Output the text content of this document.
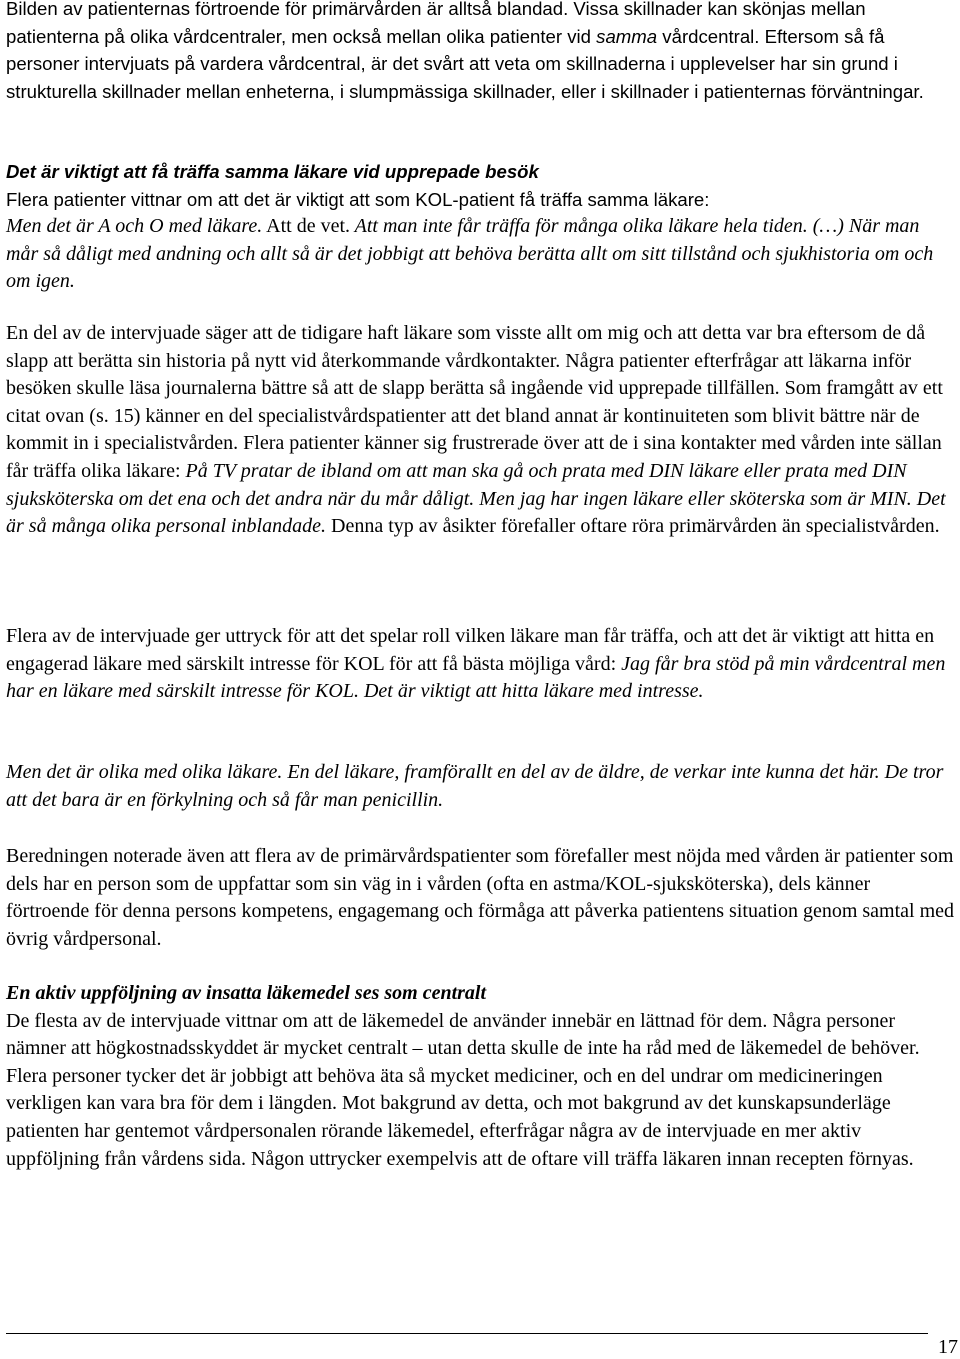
Bilden av patienternas förtroende för primärvården är alltså blandad. Vissa skillnader kan skönjas mellan patienterna på olika vårdcentraler, men också mellan olika patienter vid samma vårdcentral. Eftersom så få personer intervjuats på vardera vårdcentral, är det svårt att veta om skillnaderna i upplevelser har sin grund i strukturella skillnader mellan enheterna, i slumpmässiga skillnader, eller i skillnader i patienternas förväntningar.

Det är viktigt att få träffa samma läkare vid upprepade besök

Flera patienter vittnar om att det är viktigt att som KOL-patient få träffa samma läkare:

Men det är A och O med läkare. Att de vet. Att man inte får träffa för många olika läkare hela tiden. (…) När man mår så dåligt med andning och allt så är det jobbigt att behöva berätta allt om sitt tillstånd och sjukhistoria om och om igen.

En del av de intervjuade säger att de tidigare haft läkare som visste allt om mig och att detta var bra eftersom de då slapp att berätta sin historia på nytt vid återkommande vårdkontakter. Några patienter efterfrågar att läkarna inför besöken skulle läsa journalerna bättre så att de slapp berätta så ingående vid upprepade tillfällen. Som framgått av ett citat ovan (s. 15) känner en del specialistvårdspatienter att det bland annat är kontinuiteten som blivit bättre när de kommit in i specialistvården. Flera patienter känner sig frustrerade över att de i sina kontakter med vården inte sällan får träffa olika läkare: På TV pratar de ibland om att man ska gå och prata med DIN läkare eller prata med DIN sjuksköterska om det ena och det andra när du mår dåligt. Men jag har ingen läkare eller sköterska som är MIN. Det är så många olika personal inblandade. Denna typ av åsikter förefaller oftare röra primärvården än specialistvården.

Flera av de intervjuade ger uttryck för att det spelar roll vilken läkare man får träffa, och att det är viktigt att hitta en engagerad läkare med särskilt intresse för KOL för att få bästa möjliga vård: Jag får bra stöd på min vårdcentral men har en läkare med särskilt intresse för KOL. Det är viktigt att hitta läkare med intresse.

Men det är olika med olika läkare. En del läkare, framförallt en del av de äldre, de verkar inte kunna det här. De tror att det bara är en förkylning och så får man penicillin.

Beredningen noterade även att flera av de primärvårdspatienter som förefaller mest nöjda med vården är patienter som dels har en person som de uppfattar som sin väg in i vården (ofta en astma/KOL-sjuksköterska), dels känner förtroende för denna persons kompetens, engagemang och förmåga att påverka patientens situation genom samtal med övrig vårdpersonal.

En aktiv uppföljning av insatta läkemedel ses som centralt

De flesta av de intervjuade vittnar om att de läkemedel de använder innebär en lättnad för dem. Några personer nämner att högkostnadsskyddet är mycket centralt – utan detta skulle de inte ha råd med de läkemedel de behöver. Flera personer tycker det är jobbigt att behöva äta så mycket mediciner, och en del undrar om medicineringen verkligen kan vara bra för dem i längden. Mot bakgrund av detta, och mot bakgrund av det kunskapsunderläge patienten har gentemot vårdpersonalen rörande läkemedel, efterfrågar några av de intervjuade en mer aktiv uppföljning från vårdens sida. Någon uttrycker exempelvis att de oftare vill träffa läkaren innan recepten förnyas.

17
